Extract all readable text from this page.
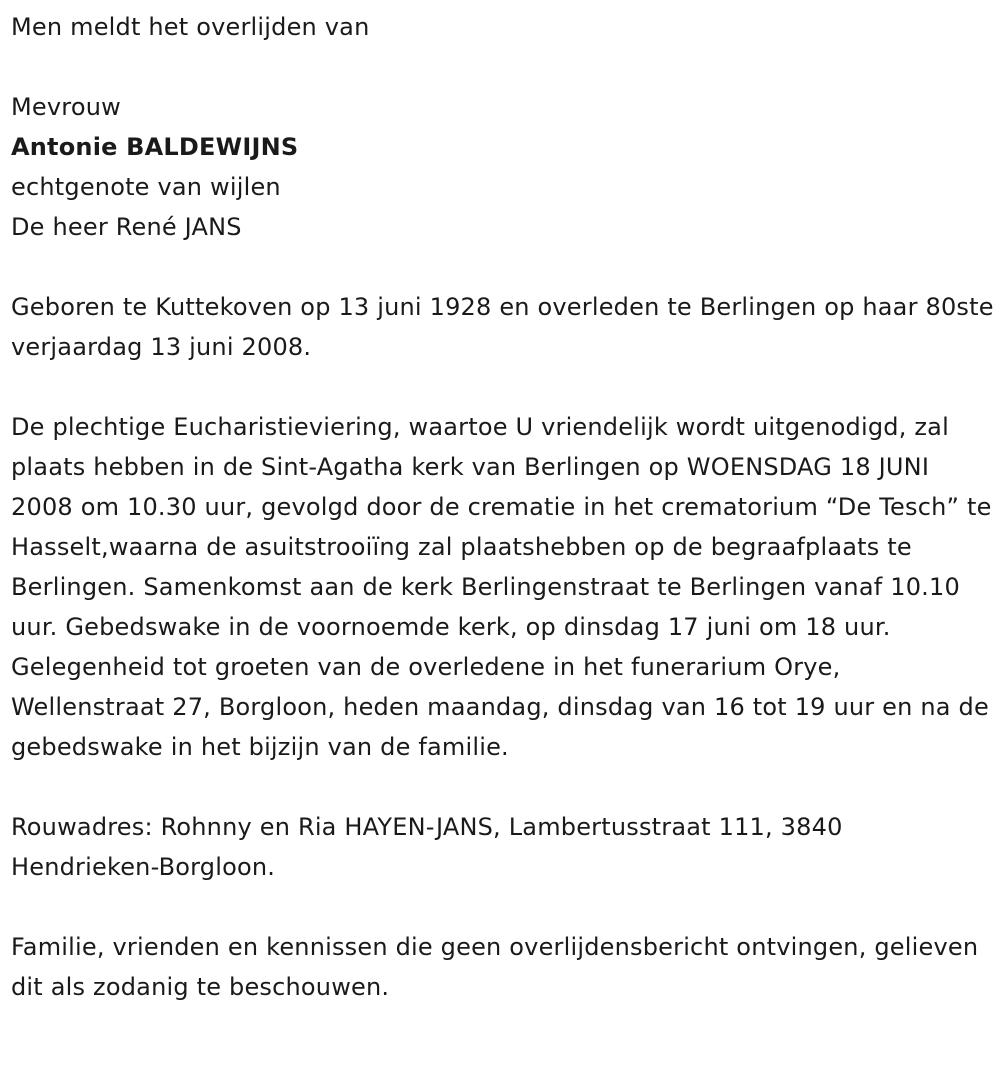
Men meldt het overlijden van

Mevrouw

Antonie BALDEWIJNS

echtgenote van wijlen

De heer René JANS

Geboren te Kuttekoven op 13 juni 1928 en overleden te Berlingen op haar 80ste verjaardag 13 juni 2008.

De plechtige Eucharistieviering, waartoe U vriendelijk wordt uitgenodigd, zal plaats hebben in de Sint-Agatha kerk van Berlingen op WOENSDAG 18 JUNI 2008 om 10.30 uur, gevolgd door de crematie in het crematorium “De Tesch” te Hasselt,waarna de asuitstrooiïng zal plaatshebben op de begraafplaats te Berlingen. Samenkomst aan de kerk Berlingenstraat te Berlingen vanaf 10.10 uur. Gebedswake in de voornoemde kerk, op dinsdag 17 juni om 18 uur. Gelegenheid tot groeten van de overledene in het funerarium Orye, Wellenstraat 27, Borgloon, heden maandag, dinsdag van 16 tot 19 uur en na de gebedswake in het bijzijn van de familie.

Rouwadres: Rohnny en Ria HAYEN-JANS, Lambertusstraat 111, 3840 Hendrieken-Borgloon.

Familie, vrienden en kennissen die geen overlijdensbericht ontvingen, gelieven dit als zodanig te beschouwen.
